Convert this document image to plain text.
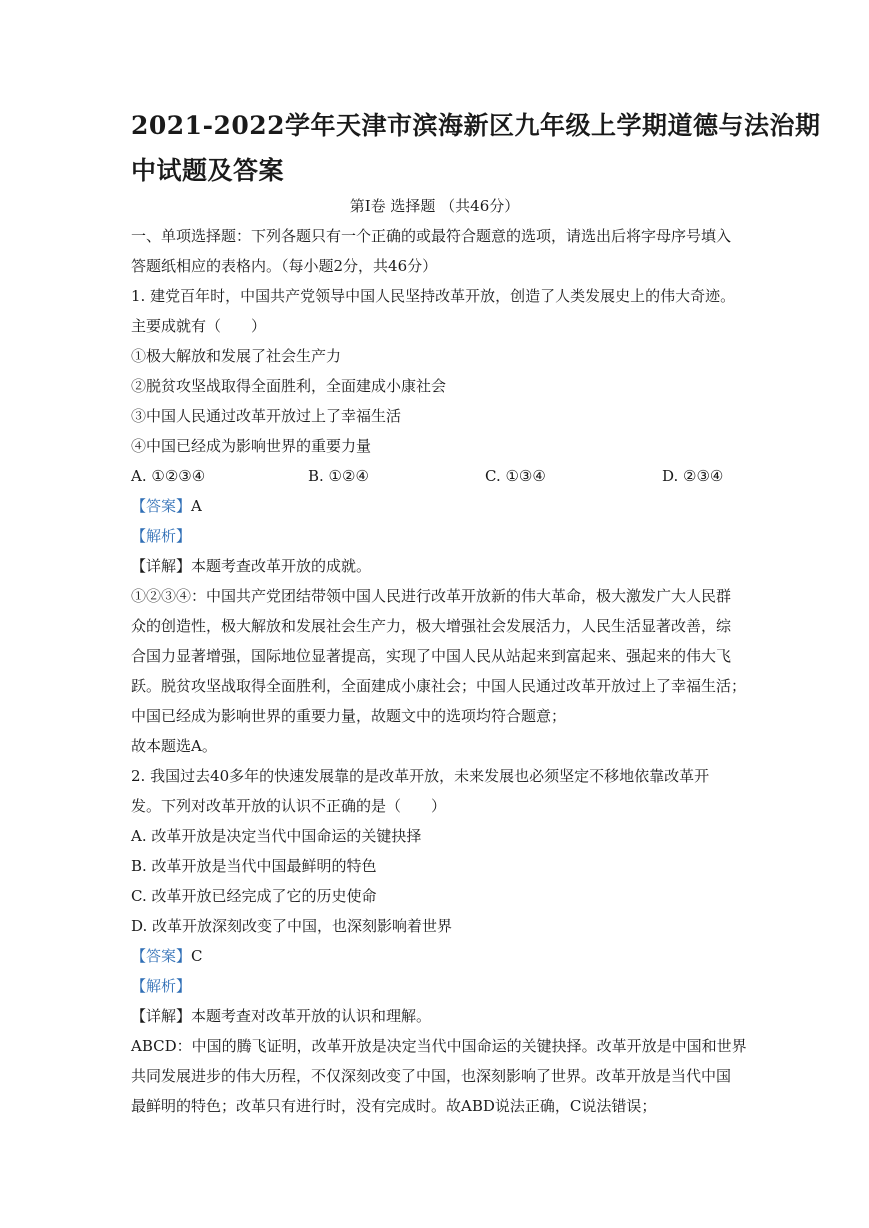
2021-2022学年天津市滨海新区九年级上学期道德与法治期
中试题及答案
第Ⅰ卷 选择题 （共46分）
一、单项选择题：下列各题只有一个正确的或最符合题意的选项，请选出后将字母序号填入
答题纸相应的表格内。（每小题2分，共46分）
1. 建党百年时，中国共产党领导中国人民坚持改革开放，创造了人类发展史上的伟大奇迹。
主要成就有（　　）
①极大解放和发展了社会生产力
②脱贫攻坚战取得全面胜利，全面建成小康社会
③中国人民通过改革开放过上了幸福生活
④中国已经成为影响世界的重要力量
A. ①②③④	B. ①②④	C. ①③④	D. ②③④
【答案】A
【解析】
【详解】本题考查改革开放的成就。
①②③④：中国共产党团结带领中国人民进行改革开放新的伟大革命，极大激发广大人民群
众的创造性，极大解放和发展社会生产力，极大增强社会发展活力，人民生活显著改善，综
合国力显著增强，国际地位显著提高，实现了中国人民从站起来到富起来、强起来的伟大飞
跃。脱贫攻坚战取得全面胜利，全面建成小康社会；中国人民通过改革开放过上了幸福生活；
中国已经成为影响世界的重要力量，故题文中的选项均符合题意；
故本题选A。
2. 我国过去40多年的快速发展靠的是改革开放，未来发展也必须坚定不移地依靠改革开
发。下列对改革开放的认识不正确的是（　　）
A. 改革开放是决定当代中国命运的关键抉择
B. 改革开放是当代中国最鲜明的特色
C. 改革开放已经完成了它的历史使命
D. 改革开放深刻改变了中国，也深刻影响着世界
【答案】C
【解析】
【详解】本题考查对改革开放的认识和理解。
ABCD：中国的腾飞证明，改革开放是决定当代中国命运的关键抉择。改革开放是中国和世界
共同发展进步的伟大历程，不仅深刻改变了中国，也深刻影响了世界。改革开放是当代中国
最鲜明的特色；改革只有进行时，没有完成时。故ABD说法正确，C说法错误；
